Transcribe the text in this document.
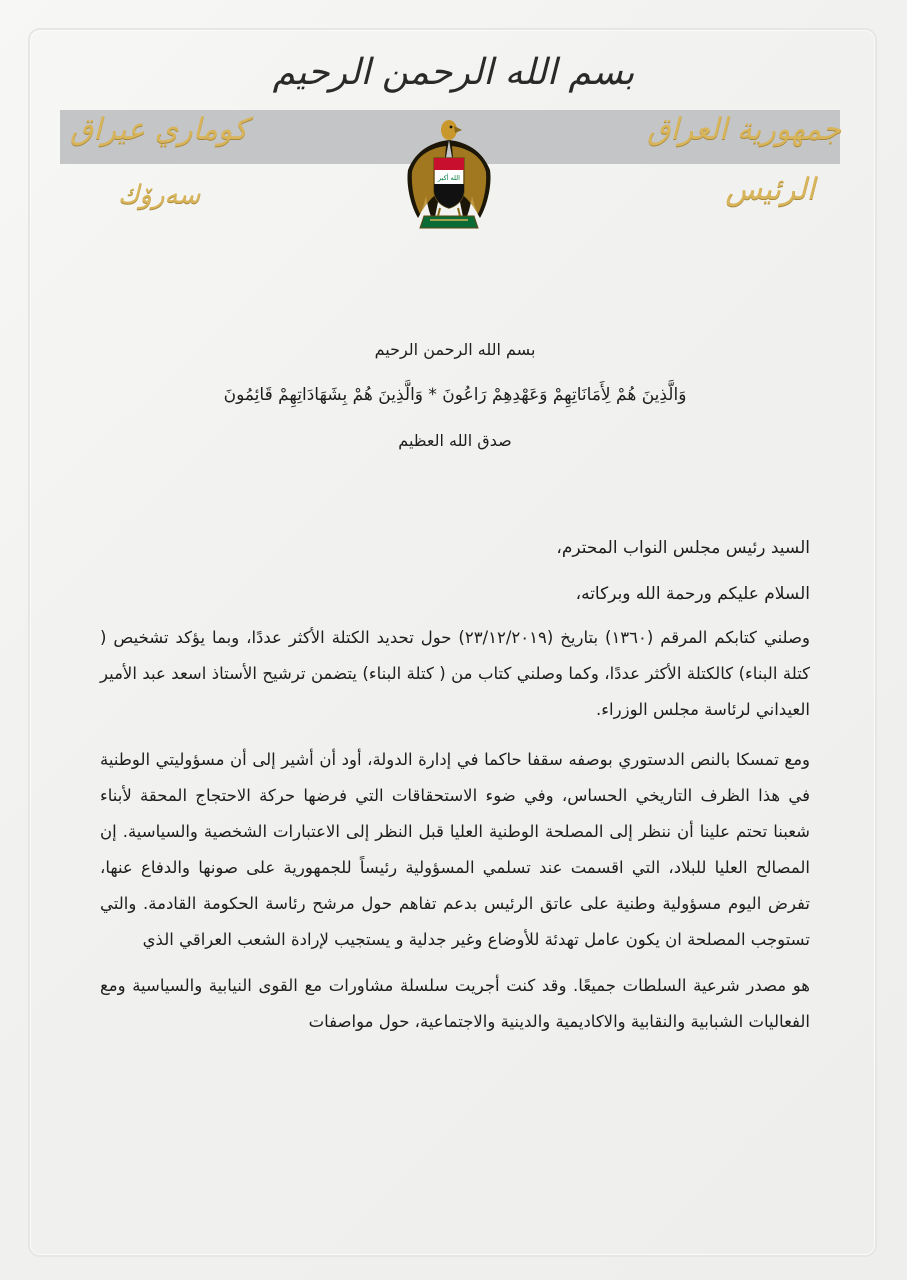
بسم الله الرحمن الرحيم
جمهورية العراق
كوماري عيراق
الرئيس
سەرۆك
الله أكبر

بسم الله الرحمن الرحيم

وَالَّذِينَ هُمْ لِأَمَانَاتِهِمْ وَعَهْدِهِمْ رَاعُونَ * وَالَّذِينَ هُمْ بِشَهَادَاتِهِمْ قَائِمُونَ

صدق الله العظيم

السيد رئيس مجلس النواب المحترم،

السلام عليكم ورحمة الله وبركاته،

وصلني كتابكم المرقم (١٣٦٠) بتاريخ (٢٣/١٢/٢٠١٩) حول تحديد الكتلة الأكثر عددًا، وبما يؤكد تشخيص ( كتلة البناء) كالكتلة الأكثر عددًا، وكما وصلني كتاب من ( كتلة البناء) يتضمن ترشيح الأستاذ اسعد عبد الأمير العيداني لرئاسة مجلس الوزراء.

ومع تمسكا بالنص الدستوري بوصفه سقفا حاكما في إدارة الدولة، أود أن أشير إلى أن مسؤوليتي الوطنية في هذا الظرف التاريخي الحساس، وفي ضوء الاستحقاقات التي فرضها حركة الاحتجاج المحقة لأبناء شعبنا تحتم علينا أن ننظر إلى المصلحة الوطنية العليا قبل النظر إلى الاعتبارات الشخصية والسياسية. إن المصالح العليا للبلاد، التي اقسمت عند تسلمي المسؤولية رئيساً للجمهورية على صونها والدفاع عنها، تفرض اليوم مسؤولية وطنية على عاتق الرئيس بدعم تفاهم حول مرشح رئاسة الحكومة القادمة. والتي تستوجب المصلحة ان يكون عامل تهدئة للأوضاع وغير جدلية و يستجيب لإرادة الشعب العراقي الذي

هو مصدر شرعية السلطات جميعًا. وقد كنت أجريت سلسلة مشاورات مع القوى النيابية والسياسية ومع الفعاليات الشبابية والنقابية والاكاديمية والدينية والاجتماعية، حول مواصفات
